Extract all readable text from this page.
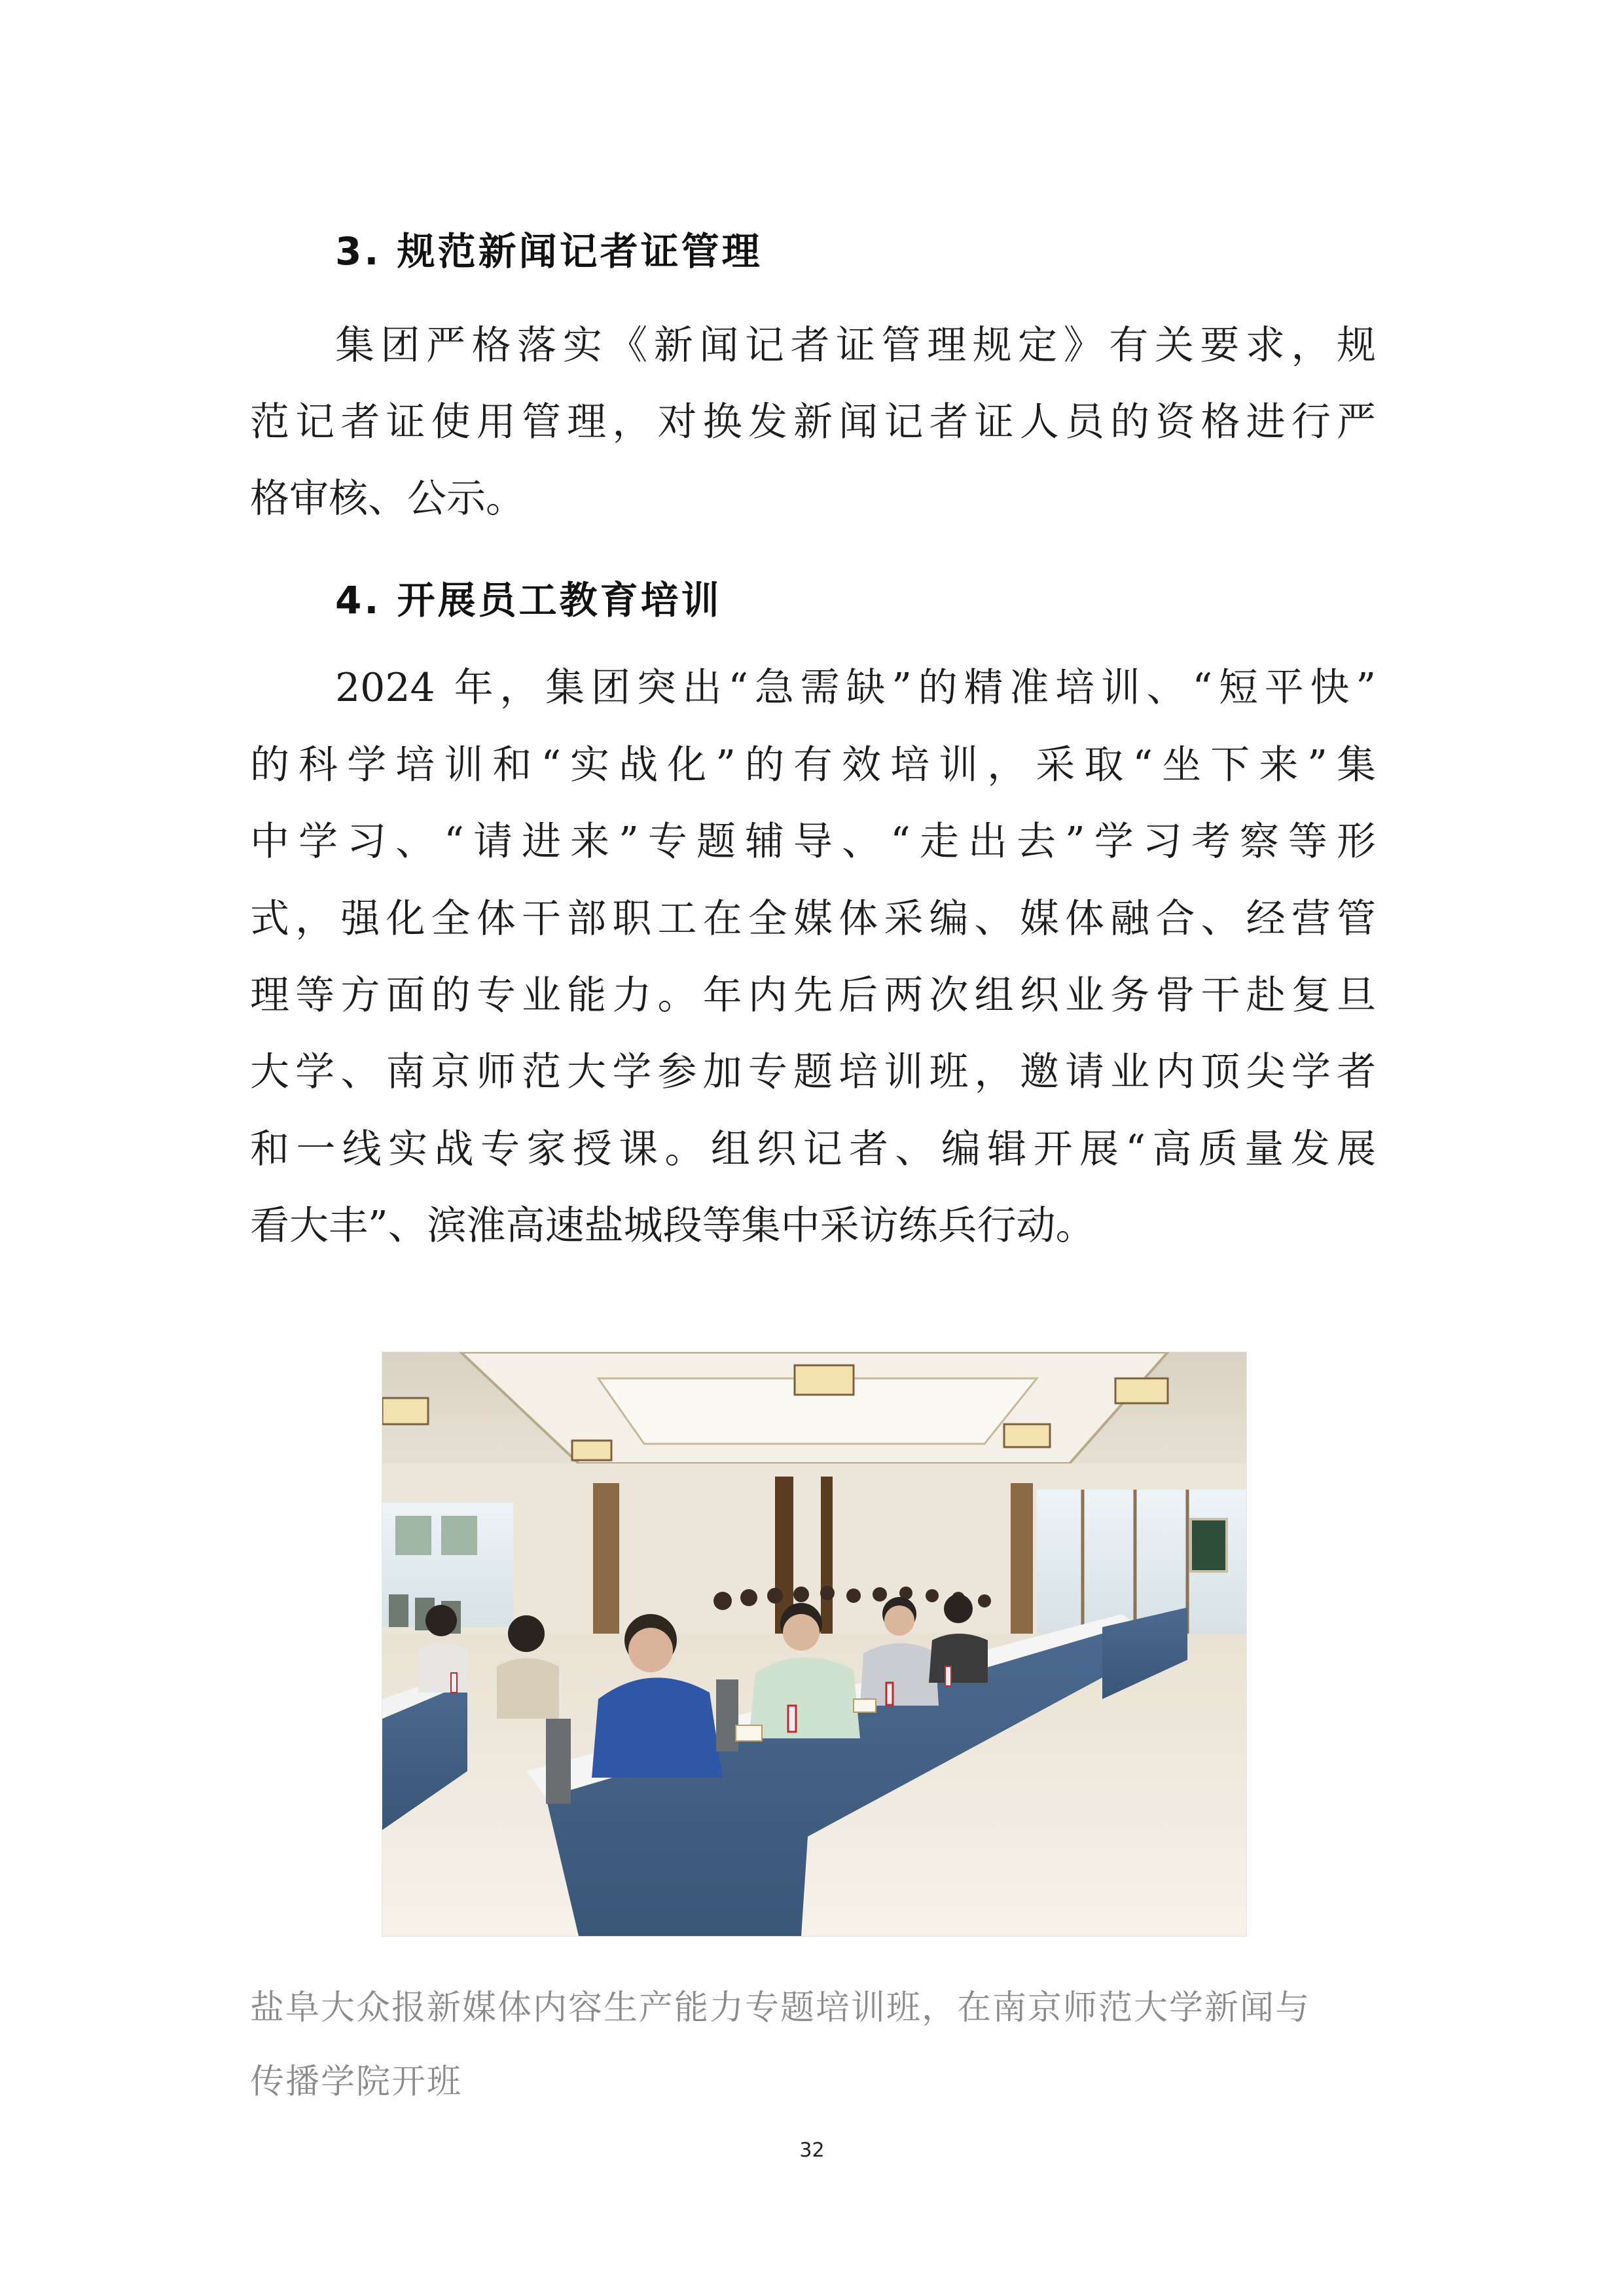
3. 规范新闻记者证管理
集团严格落实《新闻记者证管理规定》有关要求，规
范记者证使用管理，对换发新闻记者证人员的资格进行严
格审核、公示。
4. 开展员工教育培训
2024 年，集团突出“急需缺”的精准培训、“短平快”
的科学培训和“实战化”的有效培训，采取“坐下来”集
中学习、“请进来”专题辅导、“走出去”学习考察等形
式，强化全体干部职工在全媒体采编、媒体融合、经营管
理等方面的专业能力。年内先后两次组织业务骨干赴复旦
大学、南京师范大学参加专题培训班，邀请业内顶尖学者
和一线实战专家授课。组织记者、编辑开展“高质量发展
看大丰”、滨淮高速盐城段等集中采访练兵行动。
盐阜大众报新媒体内容生产能力专题培训班，在南京师范大学新闻与
传播学院开班
32
